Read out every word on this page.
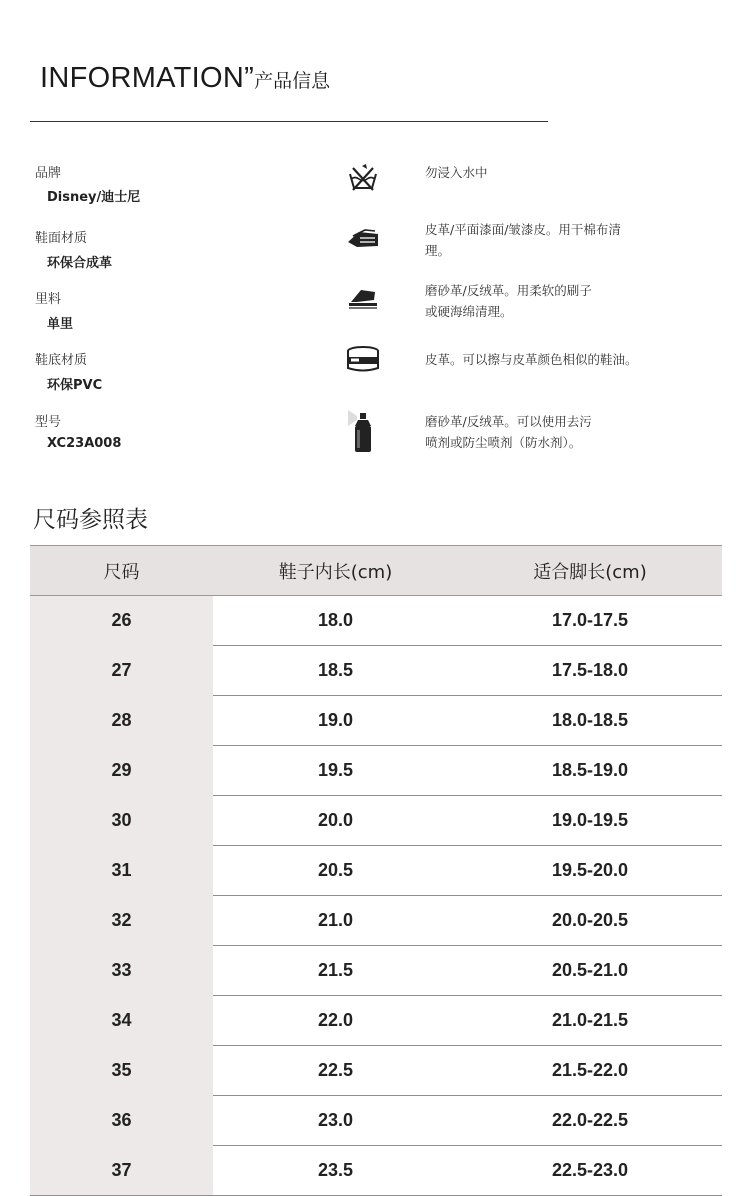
INFORMATION”产品信息
品牌
Disney/迪士尼
鞋面材质
环保合成革
里料
单里
鞋底材质
环保PVC
型号
XC23A008
勿浸入水中
皮革/平面漆面/皱漆皮。用干棉布清
理。
磨砂革/反绒革。用柔软的刷子
或硬海绵清理。
皮革。可以擦与皮革颜色相似的鞋油。
磨砂革/反绒革。可以使用去污
喷剂或防尘喷剂（防水剂）。
尺码参照表
尺码	鞋子内长(cm)	适合脚长(cm)
26	18.0	17.0-17.5
27	18.5	17.5-18.0
28	19.0	18.0-18.5
29	19.5	18.5-19.0
30	20.0	19.0-19.5
31	20.5	19.5-20.0
32	21.0	20.0-20.5
33	21.5	20.5-21.0
34	22.0	21.0-21.5
35	22.5	21.5-22.0
36	23.0	22.0-22.5
37	23.5	22.5-23.0
